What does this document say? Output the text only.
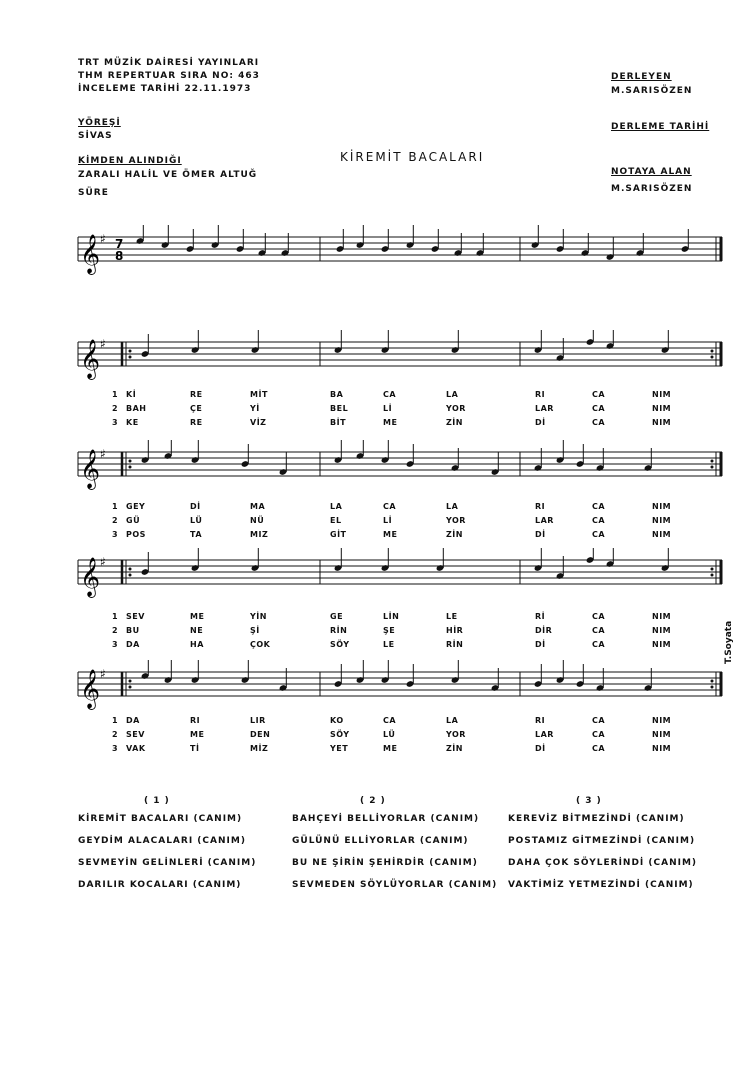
TRT MÜZİK DAİRESİ YAYINLARI
THM REPERTUAR SIRA NO: 463
İNCELEME TARİHİ 22.11.1973
YÖREŞİ
SİVAS
KİMDEN ALINDIĞI
ZARALI HALİL VE ÖMER ALTUĞ
SÜRE
DERLEYEN
M.SARISÖZEN
DERLEME TARİHİ
NOTAYA ALAN
M.SARISÖZEN
KİREMİT BACALARI
𝄞 ♯ 7
8
𝄞 ♯
𝄞 ♯
𝄞 ♯
𝄞 ♯
1 Kİ	RE	MİT	BA	CA	LA	RI	CA	NIM
2 BAH	ÇE	Yİ	BEL	Lİ	YOR	LAR	CA	NIM
3 KE	RE	VİZ	BİT	ME	ZİN	Dİ	CA	NIM
1 GEY	Dİ	MA	LA	CA	LA	RI	CA	NIM
2 GÜ	LÜ	NÜ	EL	Lİ	YOR	LAR	CA	NIM
3 POS	TA	MIZ	GİT	ME	ZİN	Dİ	CA	NIM
1 SEV	ME	YİN	GE	LİN	LE	Rİ	CA	NIM
2 BU	NE	Şİ	RİN	ŞE	HİR	DİR	CA	NIM
3 DA	HA	ÇOK	SÖY	LE	RİN	Dİ	CA	NIM
1 DA	RI	LIR	KO	CA	LA	RI	CA	NIM
2 SEV	ME	DEN	SÖY	LÜ	YOR	LAR	CA	NIM
3 VAK	Tİ	MİZ	YET	ME	ZİN	Dİ	CA	NIM
T.Soyata
( 1 )
KİREMİT BACALARI (CANIM)
GEYDİM ALACALARI (CANIM)
SEVMEYİN GELİNLERİ (CANIM)
DARILIR KOCALARI (CANIM)
( 2 )
BAHÇEYİ BELLİYORLAR (CANIM)
GÜLÜNÜ ELLİYORLAR (CANIM)
BU NE ŞİRİN ŞEHİRDİR (CANIM)
SEVMEDEN SÖYLÜYORLAR (CANIM)
( 3 )
KEREVİZ BİTMEZİNDİ (CANIM)
POSTAMIZ GİTMEZİNDİ (CANIM)
DAHA ÇOK SÖYLERİNDİ (CANIM)
VAKTİMİZ YETMEZİNDİ (CANIM)
